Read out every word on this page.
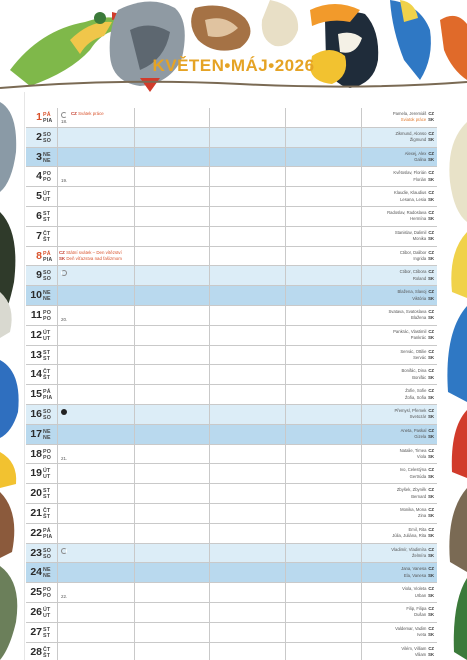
KVĚTEN•MÁJ•2026
28 ČT
ŠT
Vilém, Villiam CZ
Viliam SK
27 ST
ST
Valdemar, Vadim CZ
Iveta SK
26 ÚT
UT
Filip, Filipa CZ
Dušan SK
25 PO
PO 22.
Viola, Violeta CZ
Urban SK
24 NE
NE
Jana, Vanesa CZ
Ela, Vanesa SK
23 SO
SO
Vladimír, Vladimíra CZ
Želmíra SK
22 PÁ
PIA
Emil, Rita CZ
Júlia, Juliána, Rita SK
21 ČT
ŠT
Monika, Mona CZ
Zina SK
20 ST
ST
Zbyšek, Zbyněk CZ
Bernard SK
19 ÚT
UT
Ivo, Celestýna CZ
Gertrúda SK
18 PO
PO 21.
Natalie, Timea CZ
Viola SK
17 NE
NE
Aneta, Paskal CZ
Gizela SK
16 SO
SO
Přemysl, Přemek CZ
Svetozár SK
15 PÁ
PIA
Žofie, Sofie CZ
Žofia, Sofia SK
14 ČT
ŠT
Bonifác, Dina CZ
Bonifác SK
13 ST
ST
Servác, Ottilie CZ
Servác SK
12 ÚT
UT
Pankrác, Vlastimil CZ
Pankrác SK
11 PO
PO 20.
Svatava, Svatoslava CZ
Blažena SK
10 NE
NE
Blažena, Slavoj CZ
Viktória SK
9 SO
SO
Ctibor, Ctibora CZ
Roland SK
8 PÁ
PIA
CZ Státní svátek – Den vítězství
SK Deň víťazstva nad fašizmom
Ctibor, Dalibor CZ
Ingrida SK
7 ČT
ŠT
Stanislav, Dalimil CZ
Monika SK
6 ST
ST
Radoslav, Radoslava CZ
Hermína SK
5 ÚT
UT
Klaudie, Klaudius CZ
Lesana, Lesia SK
4 PO
PO 19.
Květoslav, Florián CZ
Florián SK
3 NE
NE
Alexej, Alex CZ
Galina SK
2 SO
SO
Zikmund, Alonso CZ
Žigmund SK
1 PÁ
PIA 18.
CZ Svátek práce	Pamela, Jeremiáš CZ
Sviatok práce SK
